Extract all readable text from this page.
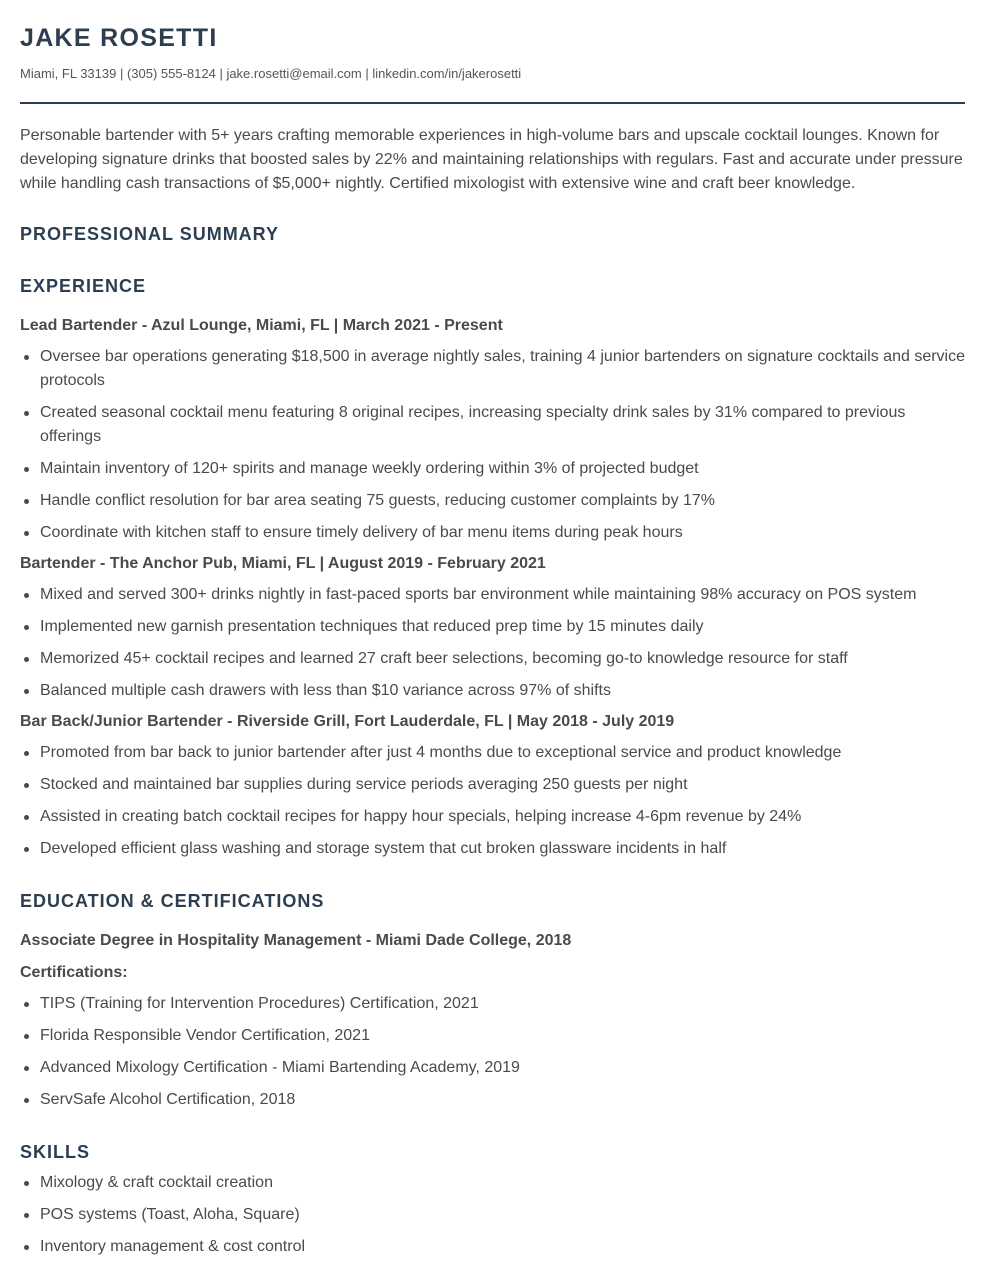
JAKE ROSETTI
Miami, FL 33139 | (305) 555-8124 | jake.rosetti@email.com | linkedin.com/in/jakerosetti

Personable bartender with 5+ years crafting memorable experiences in high-volume bars and upscale cocktail lounges. Known for developing signature drinks that boosted sales by 22% and maintaining relationships with regulars. Fast and accurate under pressure while handling cash transactions of $5,000+ nightly. Certified mixologist with extensive wine and craft beer knowledge.

PROFESSIONAL SUMMARY
EXPERIENCE
Lead Bartender - Azul Lounge, Miami, FL | March 2021 - Present
Oversee bar operations generating $18,500 in average nightly sales, training 4 junior bartenders on signature cocktails and service protocols
Created seasonal cocktail menu featuring 8 original recipes, increasing specialty drink sales by 31% compared to previous offerings
Maintain inventory of 120+ spirits and manage weekly ordering within 3% of projected budget
Handle conflict resolution for bar area seating 75 guests, reducing customer complaints by 17%
Coordinate with kitchen staff to ensure timely delivery of bar menu items during peak hours
Bartender - The Anchor Pub, Miami, FL | August 2019 - February 2021
Mixed and served 300+ drinks nightly in fast-paced sports bar environment while maintaining 98% accuracy on POS system
Implemented new garnish presentation techniques that reduced prep time by 15 minutes daily
Memorized 45+ cocktail recipes and learned 27 craft beer selections, becoming go-to knowledge resource for staff
Balanced multiple cash drawers with less than $10 variance across 97% of shifts
Bar Back/Junior Bartender - Riverside Grill, Fort Lauderdale, FL | May 2018 - July 2019
Promoted from bar back to junior bartender after just 4 months due to exceptional service and product knowledge
Stocked and maintained bar supplies during service periods averaging 250 guests per night
Assisted in creating batch cocktail recipes for happy hour specials, helping increase 4-6pm revenue by 24%
Developed efficient glass washing and storage system that cut broken glassware incidents in half
EDUCATION & CERTIFICATIONS
Associate Degree in Hospitality Management - Miami Dade College, 2018
Certifications:
TIPS (Training for Intervention Procedures) Certification, 2021
Florida Responsible Vendor Certification, 2021
Advanced Mixology Certification - Miami Bartending Academy, 2019
ServSafe Alcohol Certification, 2018
SKILLS
Mixology & craft cocktail creation
POS systems (Toast, Aloha, Square)
Inventory management & cost control
